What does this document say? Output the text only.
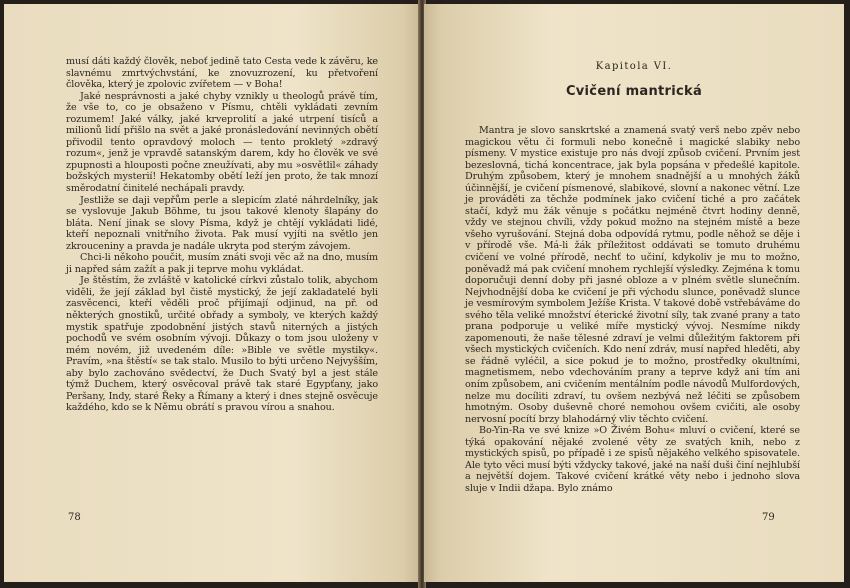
musí dáti každý člověk, neboť jedině tato Cesta vede k závěru, ke slavnému zmrtvýchvstání, ke znovuzrození, ku přetvoření člověka, který je zpolovic zvířetem — v Boha!

Jaké nesprávnosti a jaké chyby vznikly u theologů právě tím, že vše to, co je obsaženo v Písmu, chtěli vykládati zevním rozumem! Jaké války, jaké krveprolití a jaké utrpení tisíců a milionů lidí přišlo na svět a jaké pronásledování nevinných obětí přivodil tento opravdový moloch — tento prokletý »zdravý rozum«, jenž je vpravdě satanským darem, kdy ho člověk ve své zpupnosti a hlouposti počne zneužívati, aby mu »osvětlil« záhady božských mysterií! Hekatomby obětí leží jen proto, že tak mnozí směrodatní činitelé nechápali pravdy.

Jestliže se daji vepřům perle a slepicím zlaté náhrdelníky, jak se vyslovuje Jakub Böhme, tu jsou takové klenoty šlapány do bláta. Není jinak se slovy Písma, když je chtějí vykládati lidé, kteří nepoznali vnitřního života. Pak musí vyjíti na světlo jen zkrouceniny a pravda je nadále ukryta pod sterým závojem.

Chci-li někoho poučit, musím znáti svoji věc až na dno, musím ji napřed sám zažít a pak ji teprve mohu vykládat.

Je štěstím, že zvláště v katolické církvi zůstalo tolik, abychom viděli, že její základ byl čistě mystický, že její zakladatelé byli zasvěcenci, kteří věděli proč přijímají odjinud, na př. od některých gnostiků, určité obřady a symboly, ve kterých každý mystik spatřuje zpodobnění jistých stavů niterných a jistých pochodů ve svém osobním vývoji. Důkazy o tom jsou uloženy v mém novém, již uvedeném díle: »Bible ve světle mystiky«. Pravím, »na štěstí« se tak stalo. Musilo to býti určeno Nejvyšším, aby bylo zachováno svědectví, že Duch Svatý byl a jest stále týmž Duchem, který osvěcoval právě tak staré Egypťany, jako Peršany, Indy, staré Řeky a Římany a který i dnes stejně osvěcuje každého, kdo se k Němu obrátí s pravou vírou a snahou.

78
Kapitola VI.
Cvičení mantrická

Mantra je slovo sanskrtské a znamená svatý verš nebo zpěv nebo magickou větu či formuli nebo konečně i magické slabiky nebo písmeny. V mystice existuje pro nás dvojí způsob cvičení. Prvním jest bezeslovná, tichá koncentrace, jak byla popsána v předešlé kapitole. Druhým způsobem, který je mnohem snadnější a u mnohých žáků účinnější, je cvičení písmenové, slabikové, slovní a nakonec větní. Lze je prováděti za těchže podmínek jako cvičení tiché a pro začátek stačí, když mu žák věnuje s počátku nejméně čtvrt hodiny denně, vždy ve stejnou chvíli, vždy pokud možno na stejném místě a beze všeho vyrušování. Stejná doba odpovídá rytmu, podle něhož se děje i v přírodě vše. Má-li žák příležitost oddávati se tomuto druhému cvičení ve volné přírodě, nechť to učiní, kdykoliv je mu to možno, poněvadž má pak cvičení mnohem rychlejší výsledky. Zejména k tomu doporučuji denní doby při jasné obloze a v plném světle slunečním. Nejvhodnější doba ke cvičení je při východu slunce, poněvadž slunce je vesmírovým symbolem Ježíše Krista. V takové době vstřebáváme do svého těla veliké množství éterické životní síly, tak zvané prany a tato prana podporuje u veliké míře mystický vývoj. Nesmíme nikdy zapomenouti, že naše tělesné zdraví je velmi důležitým faktorem při všech mystických cvičeních. Kdo není zdráv, musí napřed hleděti, aby se řádně vyléčil, a sice pokud je to možno, prostředky okultními, magnetismem, nebo vdechováním prany a teprve když ani tím ani oním způsobem, ani cvičením mentálním podle návodů Mulfordových, nelze mu docíliti zdraví, tu ovšem nezbývá než léčiti se způsobem hmotným. Osoby duševně choré nemohou ovšem cvičiti, ale osoby nervosní pocítí brzy blahodárný vliv těchto cvičení.

Bo-Yin-Ra ve své knize »O Živém Bohu« mluví o cvičení, které se týká opakování nějaké zvolené věty ze svatých knih, nebo z mystických spisů, po případě i ze spisů nějakého velkého spisovatele. Ale tyto věci musí býti vždycky takové, jaké na naší duši činí nejhlubší a největší dojem. Takové cvičení krátké věty nebo i jednoho slova sluje v Indii džapa. Bylo známo

79
